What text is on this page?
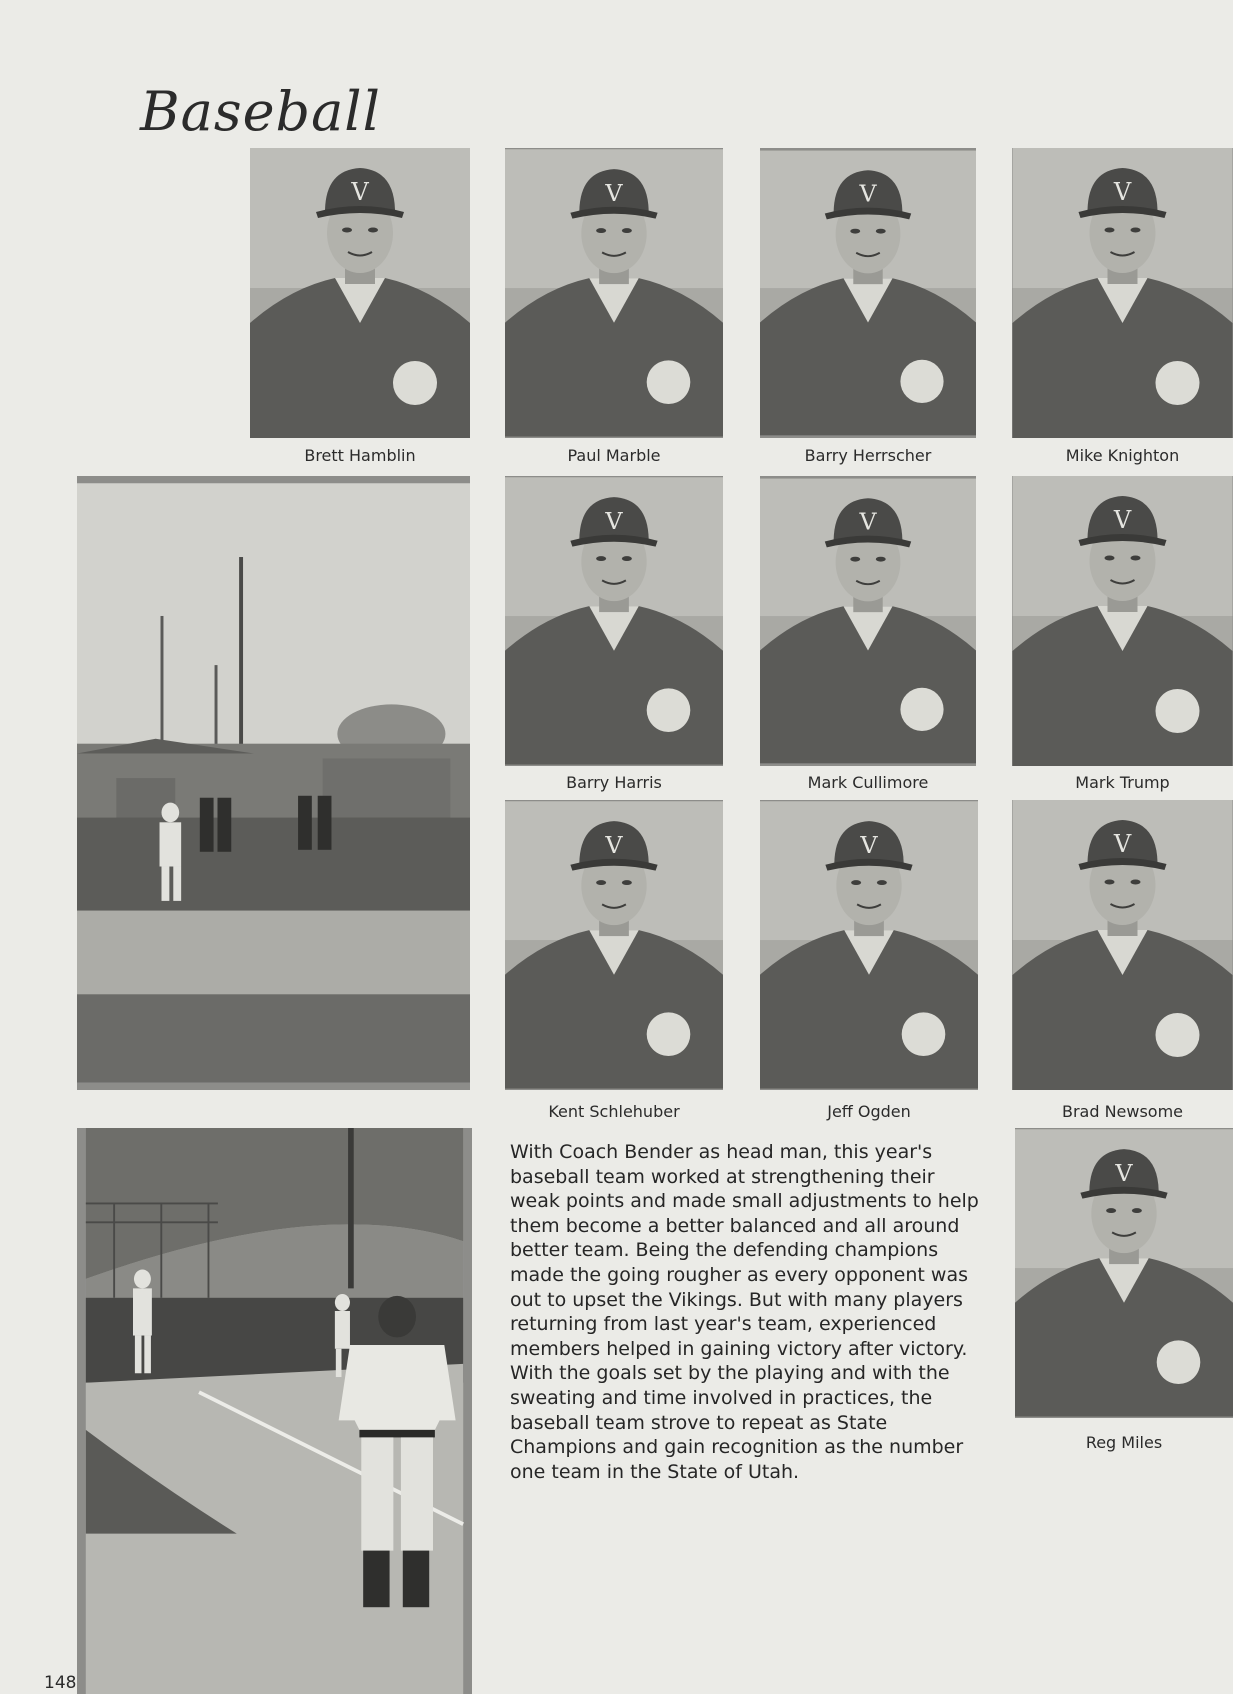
Baseball
Brett Hamblin	Paul Marble	Barry Herrscher	Mike Knighton
Barry Harris	Mark Cullimore	Mark Trump
Kent Schlehuber	Jeff Ogden	Brad Newsome
With Coach Bender as head man, this year's baseball team worked at strengthening their weak points and made small adjustments to help them become a better balanced and all around better team. Being the defending champions made the going rougher as every opponent was out to upset the Vikings. But with many players returning from last year's team, experienced members helped in gaining victory after victory. With the goals set by the playing and with the sweating and time involved in practices, the baseball team strove to repeat as State Champions and gain recognition as the number one team in the State of Utah.
Reg Miles
148
